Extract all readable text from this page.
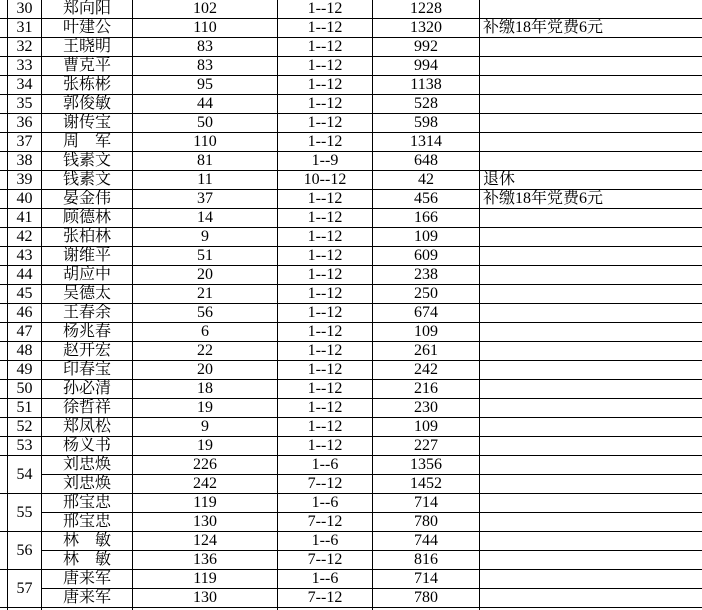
30	郑向阳	102	1--12	1228
31	叶建公	110	1--12	1320	补缴18年党费6元
32	王晓明	83	1--12	992
33	曹克平	83	1--12	994
34	张栋彬	95	1--12	1138
35	郭俊敏	44	1--12	528
36	谢传宝	50	1--12	598
37	周　军	110	1--12	1314
38	钱素文	81	1--9	648
39	钱素文	11	10--12	42	退休
40	晏金伟	37	1--12	456	补缴18年党费6元
41	顾德林	14	1--12	166
42	张柏林	9	1--12	109
43	谢维平	51	1--12	609
44	胡应中	20	1--12	238
45	吴德太	21	1--12	250
46	王春余	56	1--12	674
47	杨兆春	6	1--12	109
48	赵开宏	22	1--12	261
49	印春宝	20	1--12	242
50	孙必清	18	1--12	216
51	徐哲祥	19	1--12	230
52	郑凤松	9	1--12	109
53	杨义书	19	1--12	227
54
刘忠焕	226	1--6	1356
刘忠焕	242	7--12	1452
55
邢宝忠	119	1--6	714
邢宝忠	130	7--12	780
56
林　敏	124	1--6	744
林　敏	136	7--12	816
57
唐来军	119	1--6	714
唐来军	130	7--12	780
